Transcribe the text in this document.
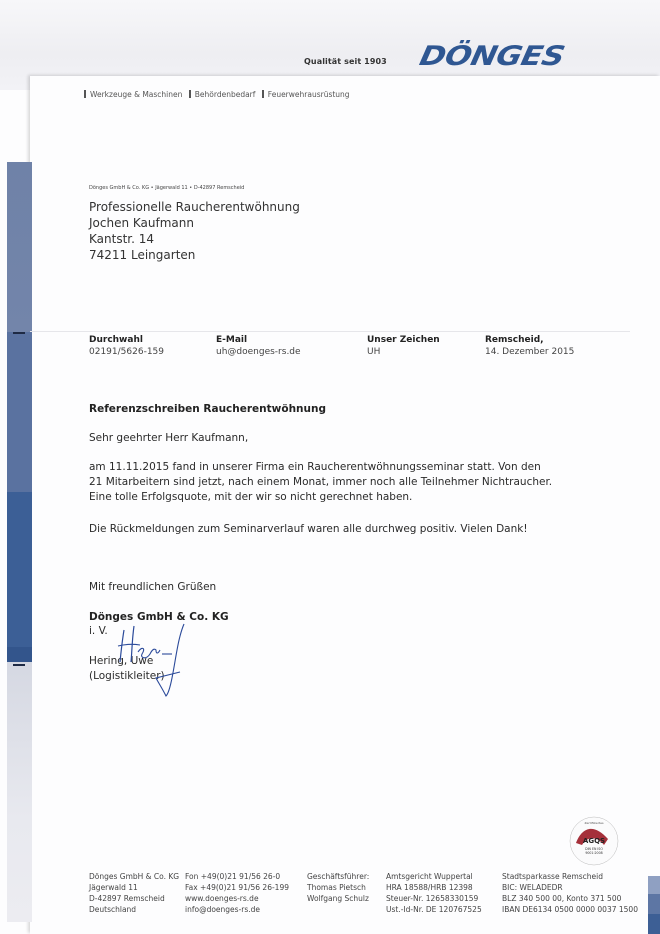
Qualität seit 1903 DÖNGES
Werkzeuge & Maschinen Behördenbedarf Feuerwehrausrüstung
Dönges GmbH & Co. KG • Jägerwald 11 • D-42897 Remscheid
Professionelle Raucherentwöhnung
Jochen Kaufmann
Kantstr. 14
74211 Leingarten
Durchwahl
02191/5626-159
E-Mail
uh@doenges-rs.de
Unser Zeichen
UH
Remscheid,
14. Dezember 2015
Referenzschreiben Raucherentwöhnung
Sehr geehrter Herr Kaufmann,
am 11.11.2015 fand in unserer Firma ein Raucherentwöhnungsseminar statt. Von den
21 Mitarbeitern sind jetzt, nach einem Monat, immer noch alle Teilnehmer Nichtraucher.
Eine tolle Erfolgsquote, mit der wir so nicht gerechnet haben.
Die Rückmeldungen zum Seminarverlauf waren alle durchweg positiv. Vielen Dank!
Mit freundlichen Grüßen
Dönges GmbH & Co. KG
i. V.
Hering, Uwe
(Logistikleiter)
AGQS
DIN EN ISO
9001:2008
Zertifiziertes
Dönges GmbH & Co. KG
Jägerwald 11
D-42897 Remscheid
Deutschland
Fon +49(0)21 91/56 26-0
Fax +49(0)21 91/56 26-199
www.doenges-rs.de
info@doenges-rs.de
Geschäftsführer:
Thomas Pietsch
Wolfgang Schulz
Amtsgericht Wuppertal
HRA 18588/HRB 12398
Steuer-Nr. 12658330159
Ust.-Id-Nr. DE 120767525
Stadtsparkasse Remscheid
BIC: WELADEDR
BLZ 340 500 00, Konto 371 500
IBAN DE6134 0500 0000 0037 1500
